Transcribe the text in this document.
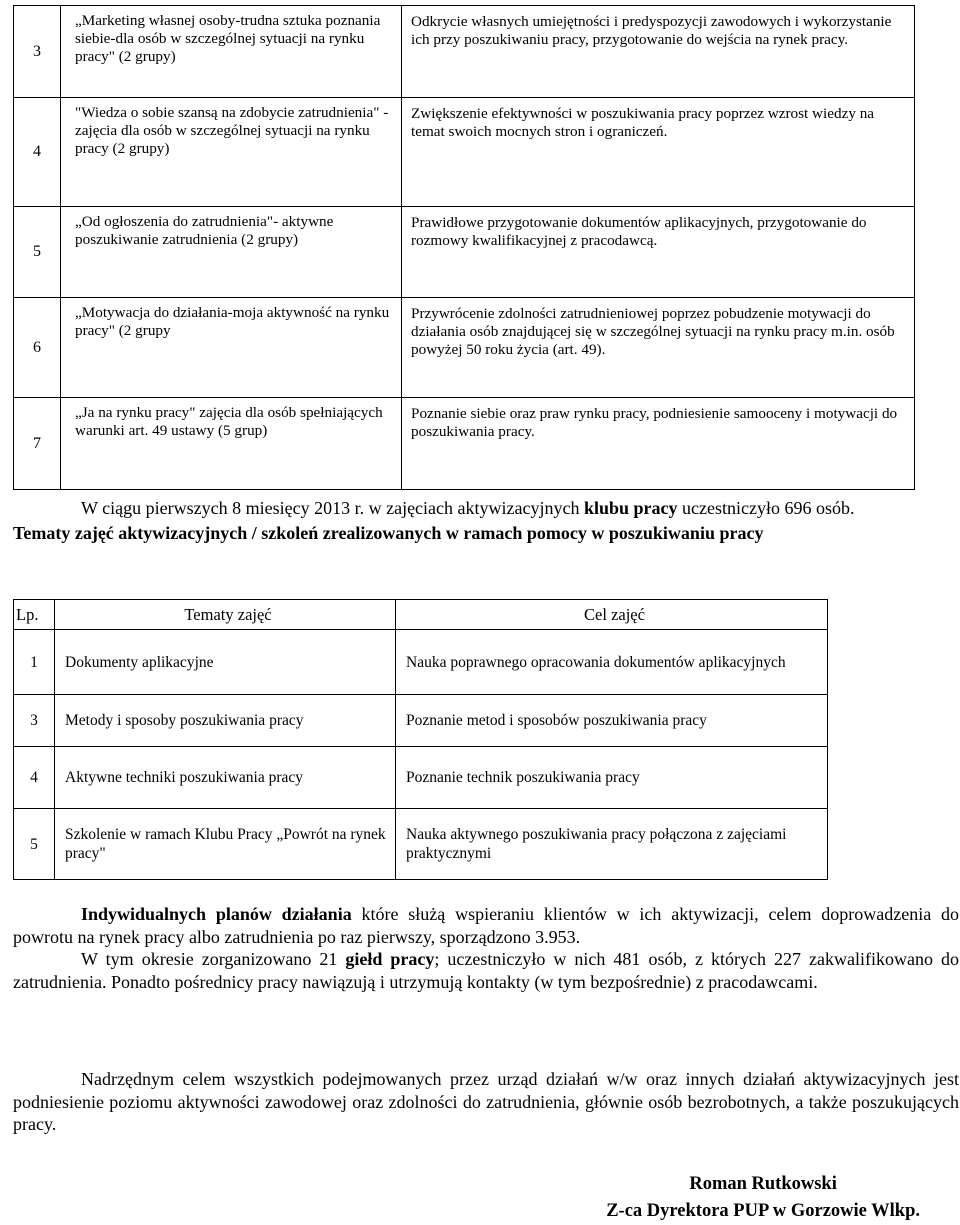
3	„Marketing własnej osoby-trudna sztuka poznania siebie-dla osób w szczególnej sytuacji na rynku pracy" (2 grupy)	Odkrycie własnych umiejętności i predyspozycji zawodowych i wykorzystanie ich przy poszukiwaniu pracy, przygotowanie do wejścia na rynek pracy.
4	"Wiedza o sobie szansą na zdobycie zatrudnienia" - zajęcia dla osób w szczególnej sytuacji na rynku pracy (2 grupy)	Zwiększenie efektywności w poszukiwania pracy poprzez wzrost wiedzy na temat swoich mocnych stron i ograniczeń.
5	„Od ogłoszenia do zatrudnienia"- aktywne poszukiwanie zatrudnienia (2 grupy)	Prawidłowe przygotowanie dokumentów aplikacyjnych, przygotowanie do rozmowy kwalifikacyjnej z pracodawcą.
6	„Motywacja do działania-moja aktywność na rynku pracy" (2 grupy	Przywrócenie zdolności zatrudnieniowej poprzez pobudzenie motywacji do działania osób znajdującej się w szczególnej sytuacji na rynku pracy m.in. osób powyżej 50 roku życia (art. 49).
7	„Ja na rynku pracy" zajęcia dla osób spełniających warunki art. 49 ustawy (5 grup)	Poznanie siebie oraz praw rynku pracy, podniesienie samooceny i motywacji do poszukiwania pracy.

W ciągu pierwszych 8 miesięcy 2013 r. w zajęciach aktywizacyjnych klubu pracy uczestniczyło 696 osób.

Tematy zajęć aktywizacyjnych / szkoleń zrealizowanych w ramach pomocy w poszukiwaniu pracy

Lp.	Tematy zajęć	Cel zajęć
1	Dokumenty aplikacyjne	Nauka poprawnego opracowania dokumentów aplikacyjnych
3	Metody i sposoby poszukiwania pracy	Poznanie metod i sposobów poszukiwania pracy
4	Aktywne techniki poszukiwania pracy	Poznanie technik poszukiwania pracy
5	Szkolenie w ramach Klubu Pracy „Powrót na rynek pracy"	Nauka aktywnego poszukiwania pracy połączona z zajęciami praktycznymi

Indywidualnych planów działania które służą wspieraniu klientów w ich aktywizacji, celem doprowadzenia do powrotu na rynek pracy albo zatrudnienia po raz pierwszy, sporządzono 3.953.

W tym okresie zorganizowano 21 giełd pracy; uczestniczyło w nich 481 osób, z których 227 zakwalifikowano do zatrudnienia. Ponadto pośrednicy pracy nawiązują i utrzymują kontakty (w tym bezpośrednie) z pracodawcami.

Nadrzędnym celem wszystkich podejmowanych przez urząd działań w/w oraz innych działań aktywizacyjnych jest podniesienie poziomu aktywności zawodowej oraz zdolności do zatrudnienia, głównie osób bezrobotnych, a także poszukujących pracy.

Roman Rutkowski
Z-ca Dyrektora PUP w Gorzowie Wlkp.
